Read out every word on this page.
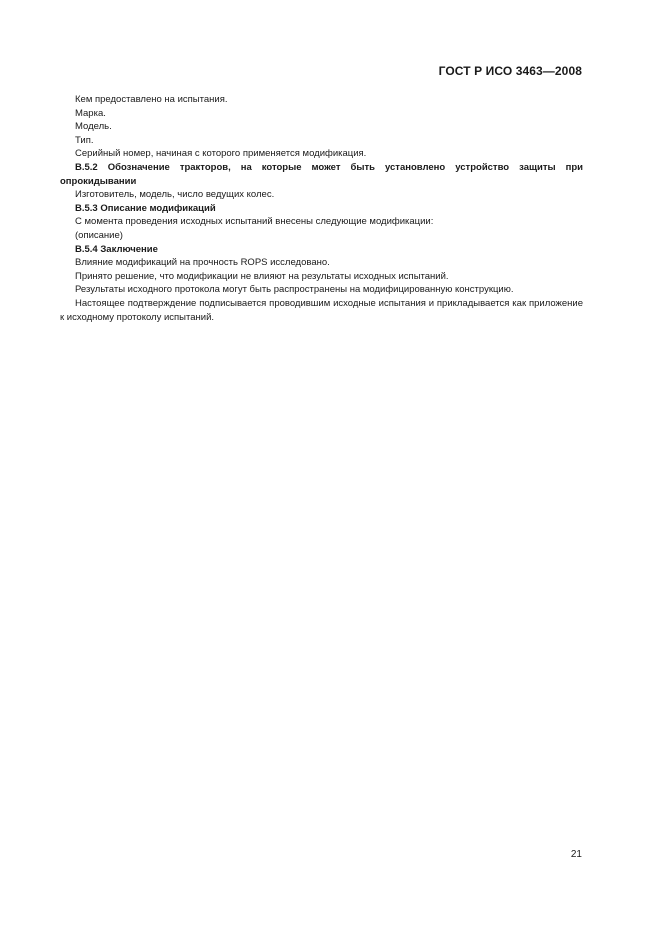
ГОСТ Р ИСО 3463—2008

Кем предоставлено на испытания.

Марка.

Модель.

Тип.

Серийный номер, начиная с которого применяется модификация.

В.5.2 Обозначение тракторов, на которые может быть установлено устройство защиты при опрокидывании

Изготовитель, модель, число ведущих колес.

В.5.3 Описание модификаций

С момента проведения исходных испытаний внесены следующие модификации:

(описание)

В.5.4 Заключение

Влияние модификаций на прочность ROPS исследовано.

Принято решение, что модификации не влияют на результаты исходных испытаний.

Результаты исходного протокола могут быть распространены на модифицированную конструкцию.

Настоящее подтверждение подписывается проводившим исходные испытания и прикладывается как приложение к исходному протоколу испытаний.

21
